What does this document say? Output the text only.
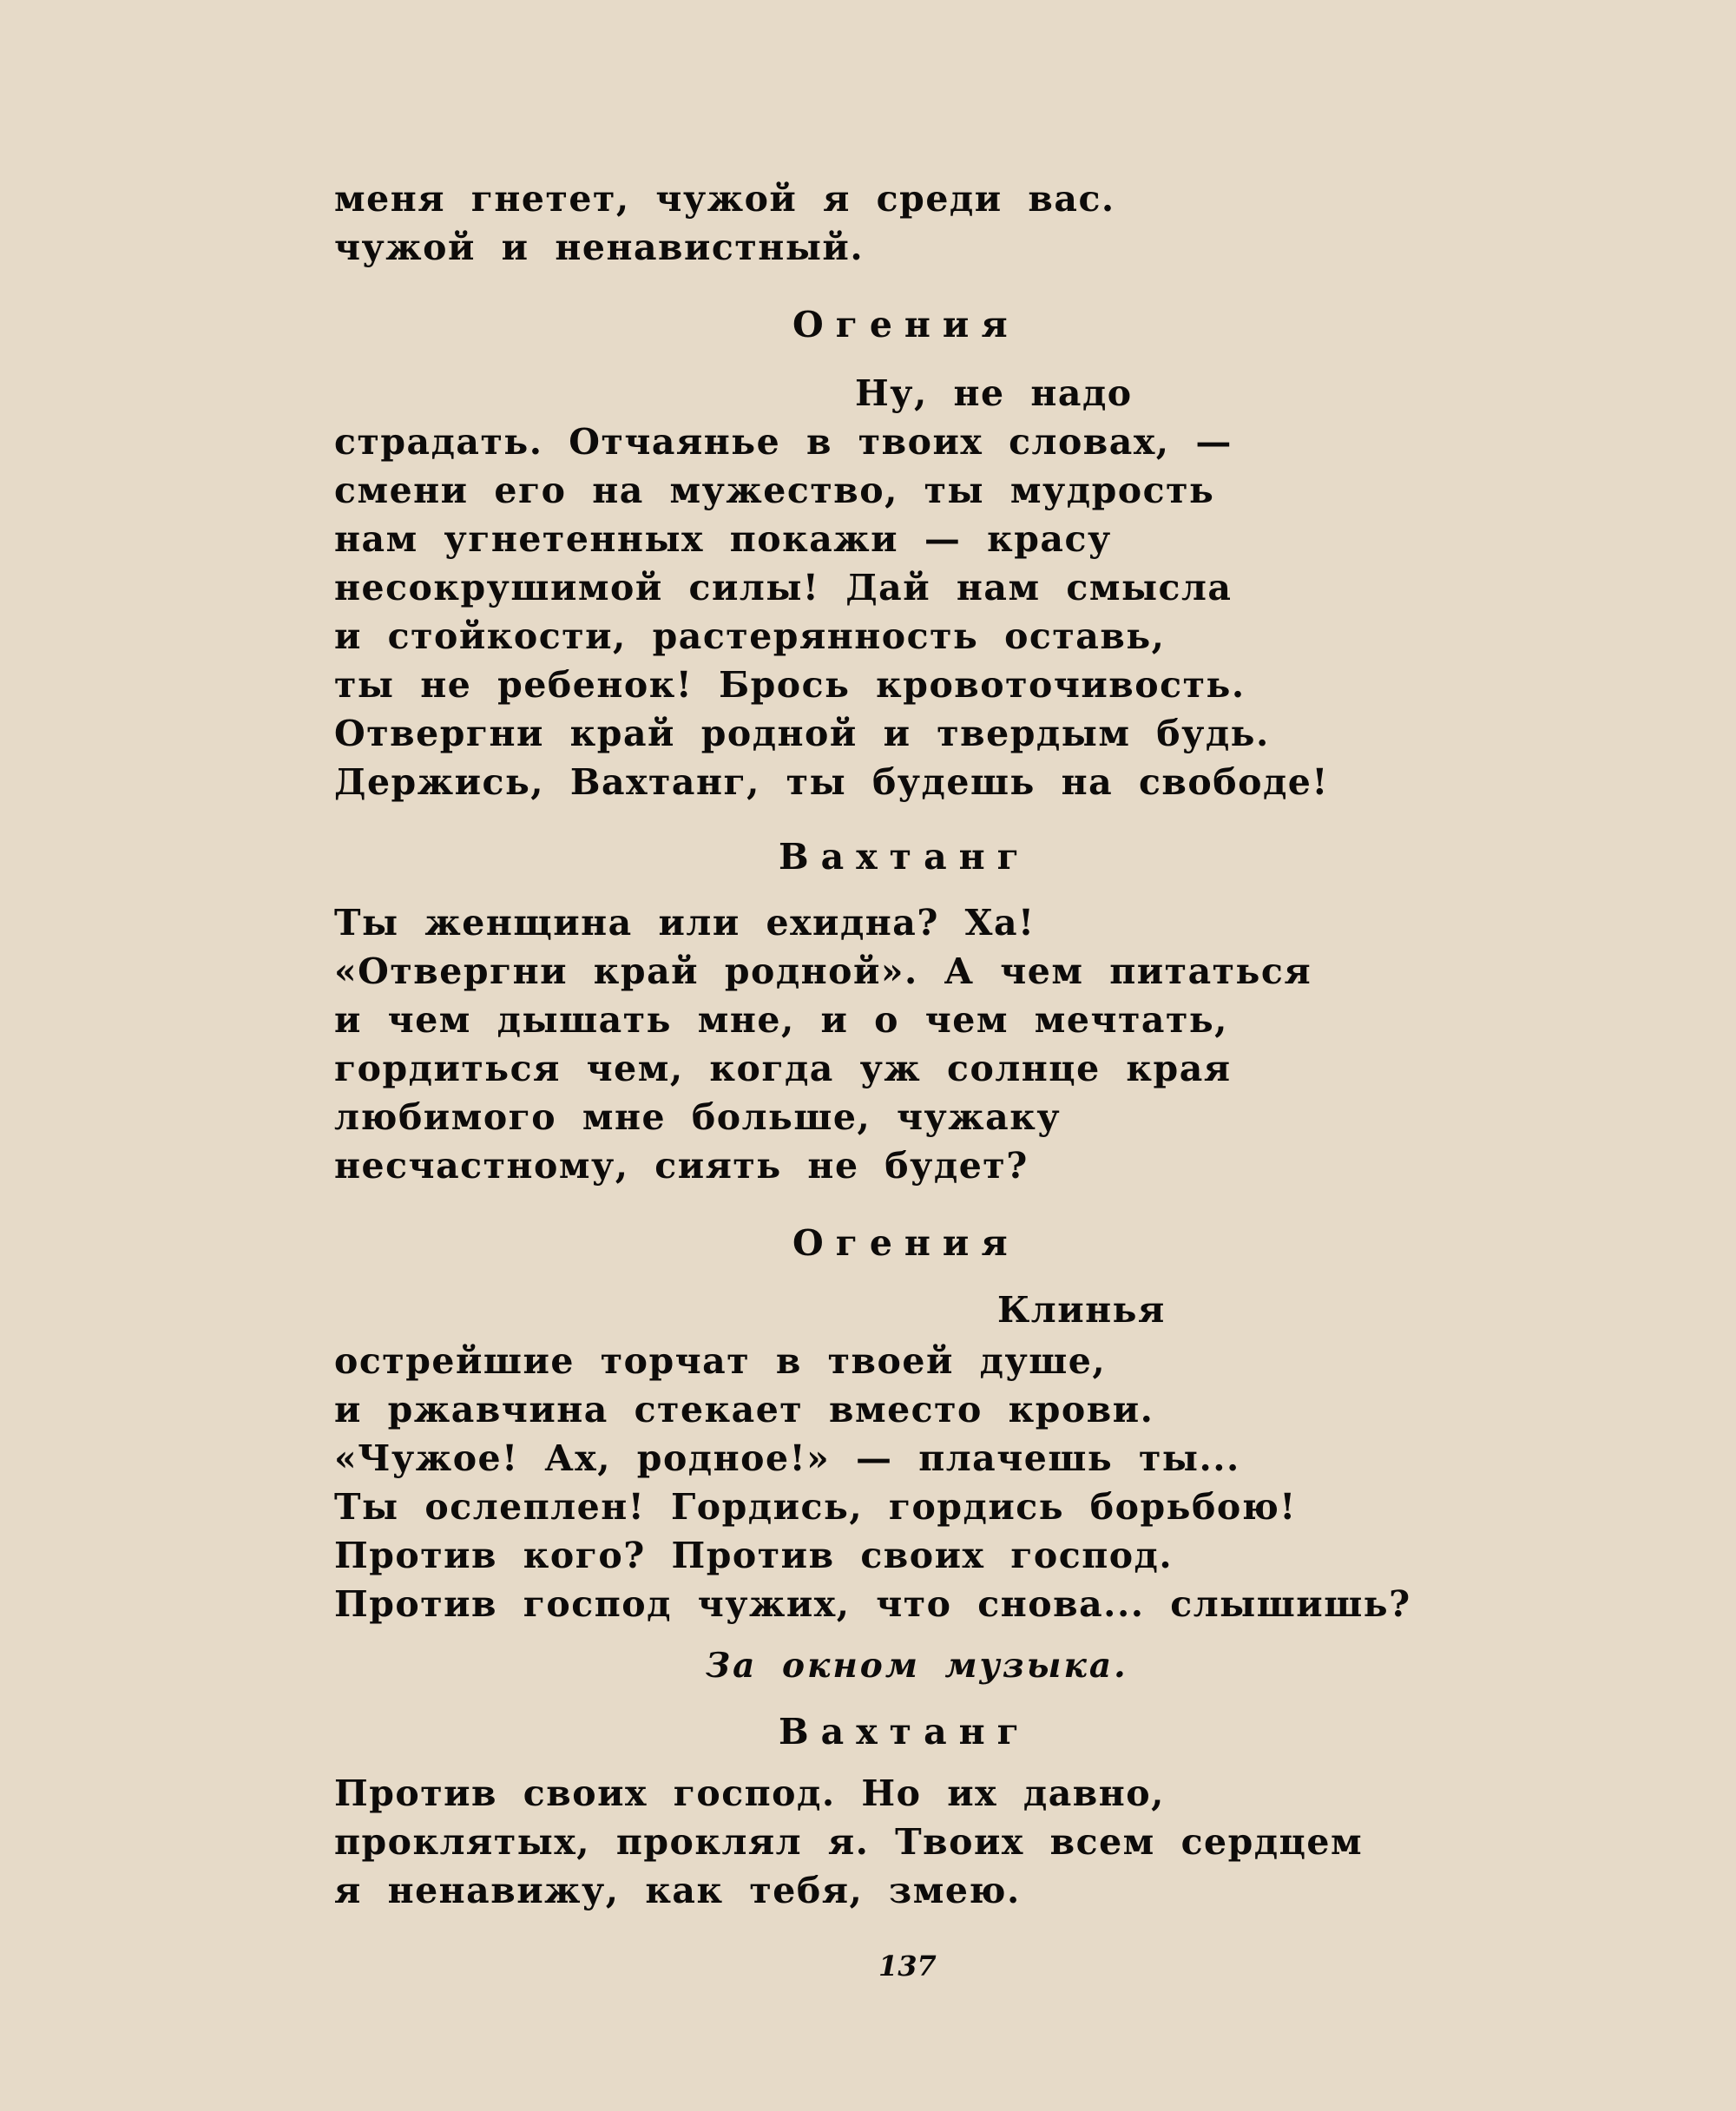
меня гнетет, чужой я среди вас.

чужой и ненавистный.

Огения

Ну, не надо

страдать. Отчаянье в твоих словах, —

смени его на мужество, ты мудрость

нам угнетенных покажи — красу

несокрушимой силы! Дай нам смысла

и стойкости, растерянность оставь,

ты не ребенок! Брось кровоточивость.

Отвергни край родной и твердым будь.

Держись, Вахтанг, ты будешь на свободе!

Вахтанг

Ты женщина или ехидна? Ха!

«Отвергни край родной». А чем питаться

и чем дышать мне, и о чем мечтать,

гордиться чем, когда уж солнце края

любимого мне больше, чужаку

несчастному, сиять не будет?

Огения

Клинья

острейшие торчат в твоей душе,

и ржавчина стекает вместо крови.

«Чужое! Ах, родное!» — плачешь ты...

Ты ослеплен! Гордись, гордись борьбою!

Против кого? Против своих господ.

Против господ чужих, что снова... слышишь?

За окном музыка.

Вахтанг

Против своих господ. Но их давно,

проклятых, проклял я. Твоих всем сердцем

я ненавижу, как тебя, змею.

137
